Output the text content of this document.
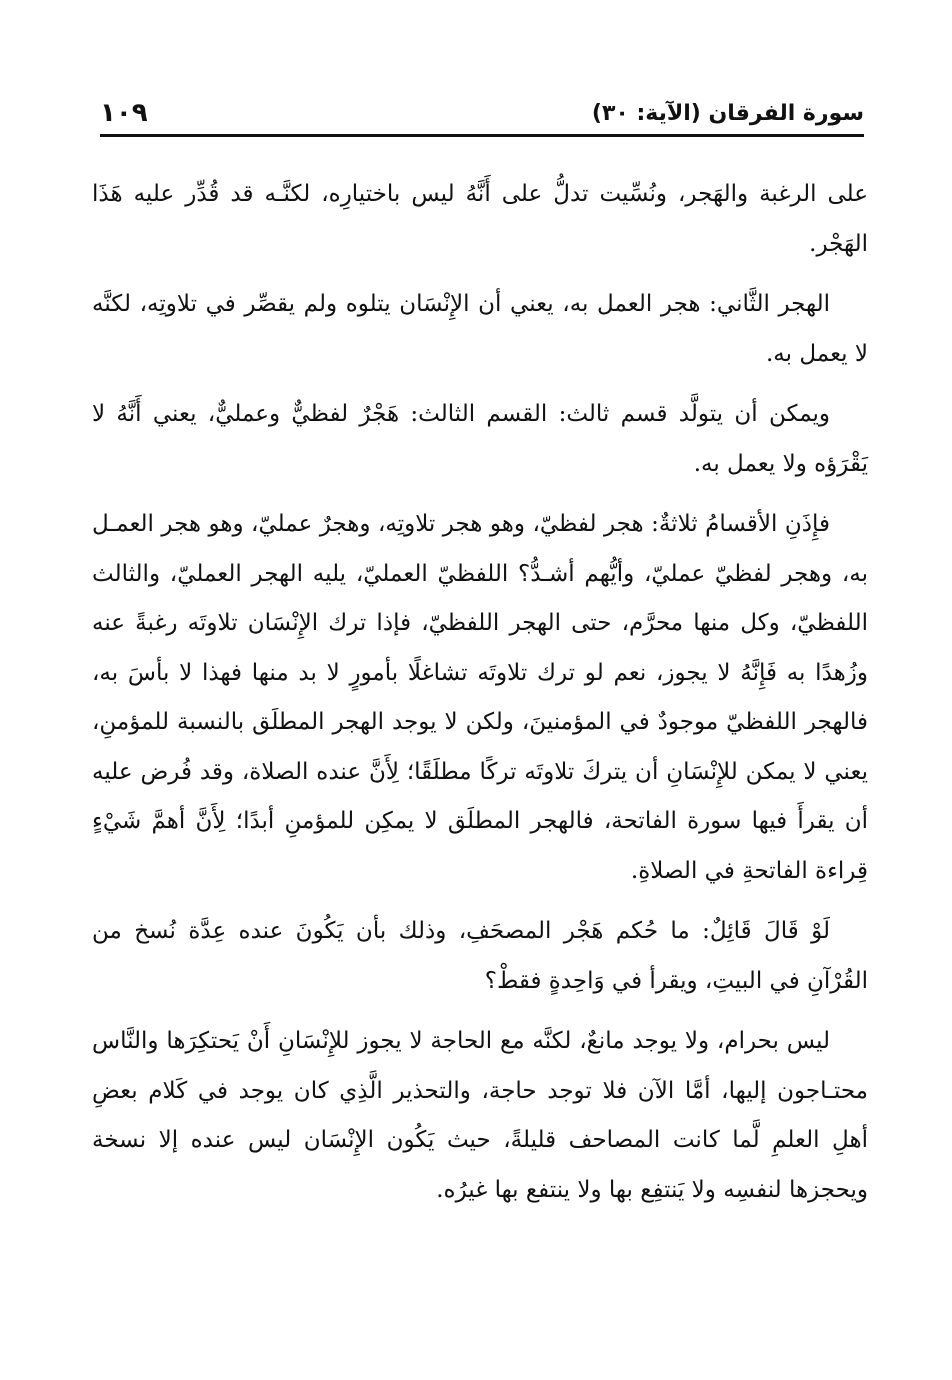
سورة الفرقان (الآية: ٣٠)
١٠٩

على الرغبة والهَجر، ونُسِّيت تدلُّ على أَنَّهُ ليس باختيارِه، لكنَّـه قد قُدِّر عليه هَذَا الهَجْر.

الهجر الثَّاني: هجر العمل به، يعني أن الإِنْسَان يتلوه ولم يقصِّر في تلاوتِه، لكنَّه لا يعمل به.

ويمكن أن يتولَّد قسم ثالث: القسم الثالث: هَجْرٌ لفظيٌّ وعمليٌّ، يعني أَنَّهُ لا يَقْرَؤه ولا يعمل به.

فإِذَنِ الأقسامُ ثلاثةٌ: هجر لفظيّ، وهو هجر تلاوتِه، وهجرٌ عمليّ، وهو هجر العمـل به، وهجر لفظيّ عمليّ، وأيُّهم أشـدُّ؟ اللفظيّ العمليّ، يليه الهجر العمليّ، والثالث اللفظيّ، وكل منها محرَّم، حتى الهجر اللفظيّ، فإذا ترك الإِنْسَان تلاوتَه رغبةً عنه وزُهدًا به فَإِنَّهُ لا يجوز، نعم لو ترك تلاوتَه تشاغلًا بأمورٍ لا بد منها فهذا لا بأسَ به، فالهجر اللفظيّ موجودٌ في المؤمنينَ، ولكن لا يوجد الهجر المطلَق بالنسبة للمؤمنِ، يعني لا يمكن للإِنْسَانِ أن يتركَ تلاوتَه تركًا مطلَقًا؛ لِأَنَّ عنده الصلاة، وقد فُرض عليه أن يقرأَ فيها سورة الفاتحة، فالهجر المطلَق لا يمكِن للمؤمنِ أبدًا؛ لِأَنَّ أهمَّ شَيْءٍ قِراءة الفاتحةِ في الصلاةِ.

لَوْ قَالَ قَائِلٌ: ما حُكم هَجْر المصحَفِ، وذلك بأن يَكُونَ عنده عِدَّة نُسخ من القُرْآنِ في البيتِ، ويقرأ في وَاحِدةٍ فقطْ؟

ليس بحرام، ولا يوجد مانعٌ، لكنَّه مع الحاجة لا يجوز للإِنْسَانِ أَنْ يَحتكِرَها والنَّاس محتـاجون إليها، أمَّا الآن فلا توجد حاجة، والتحذير الَّذِي كان يوجد في كَلام بعضِ أهلِ العلمِ لَّما كانت المصاحف قليلةً، حيث يَكُون الإِنْسَان ليس عنده إلا نسخة ويحجزها لنفسِه ولا يَنتفِع بها ولا ينتفع بها غيرُه.
